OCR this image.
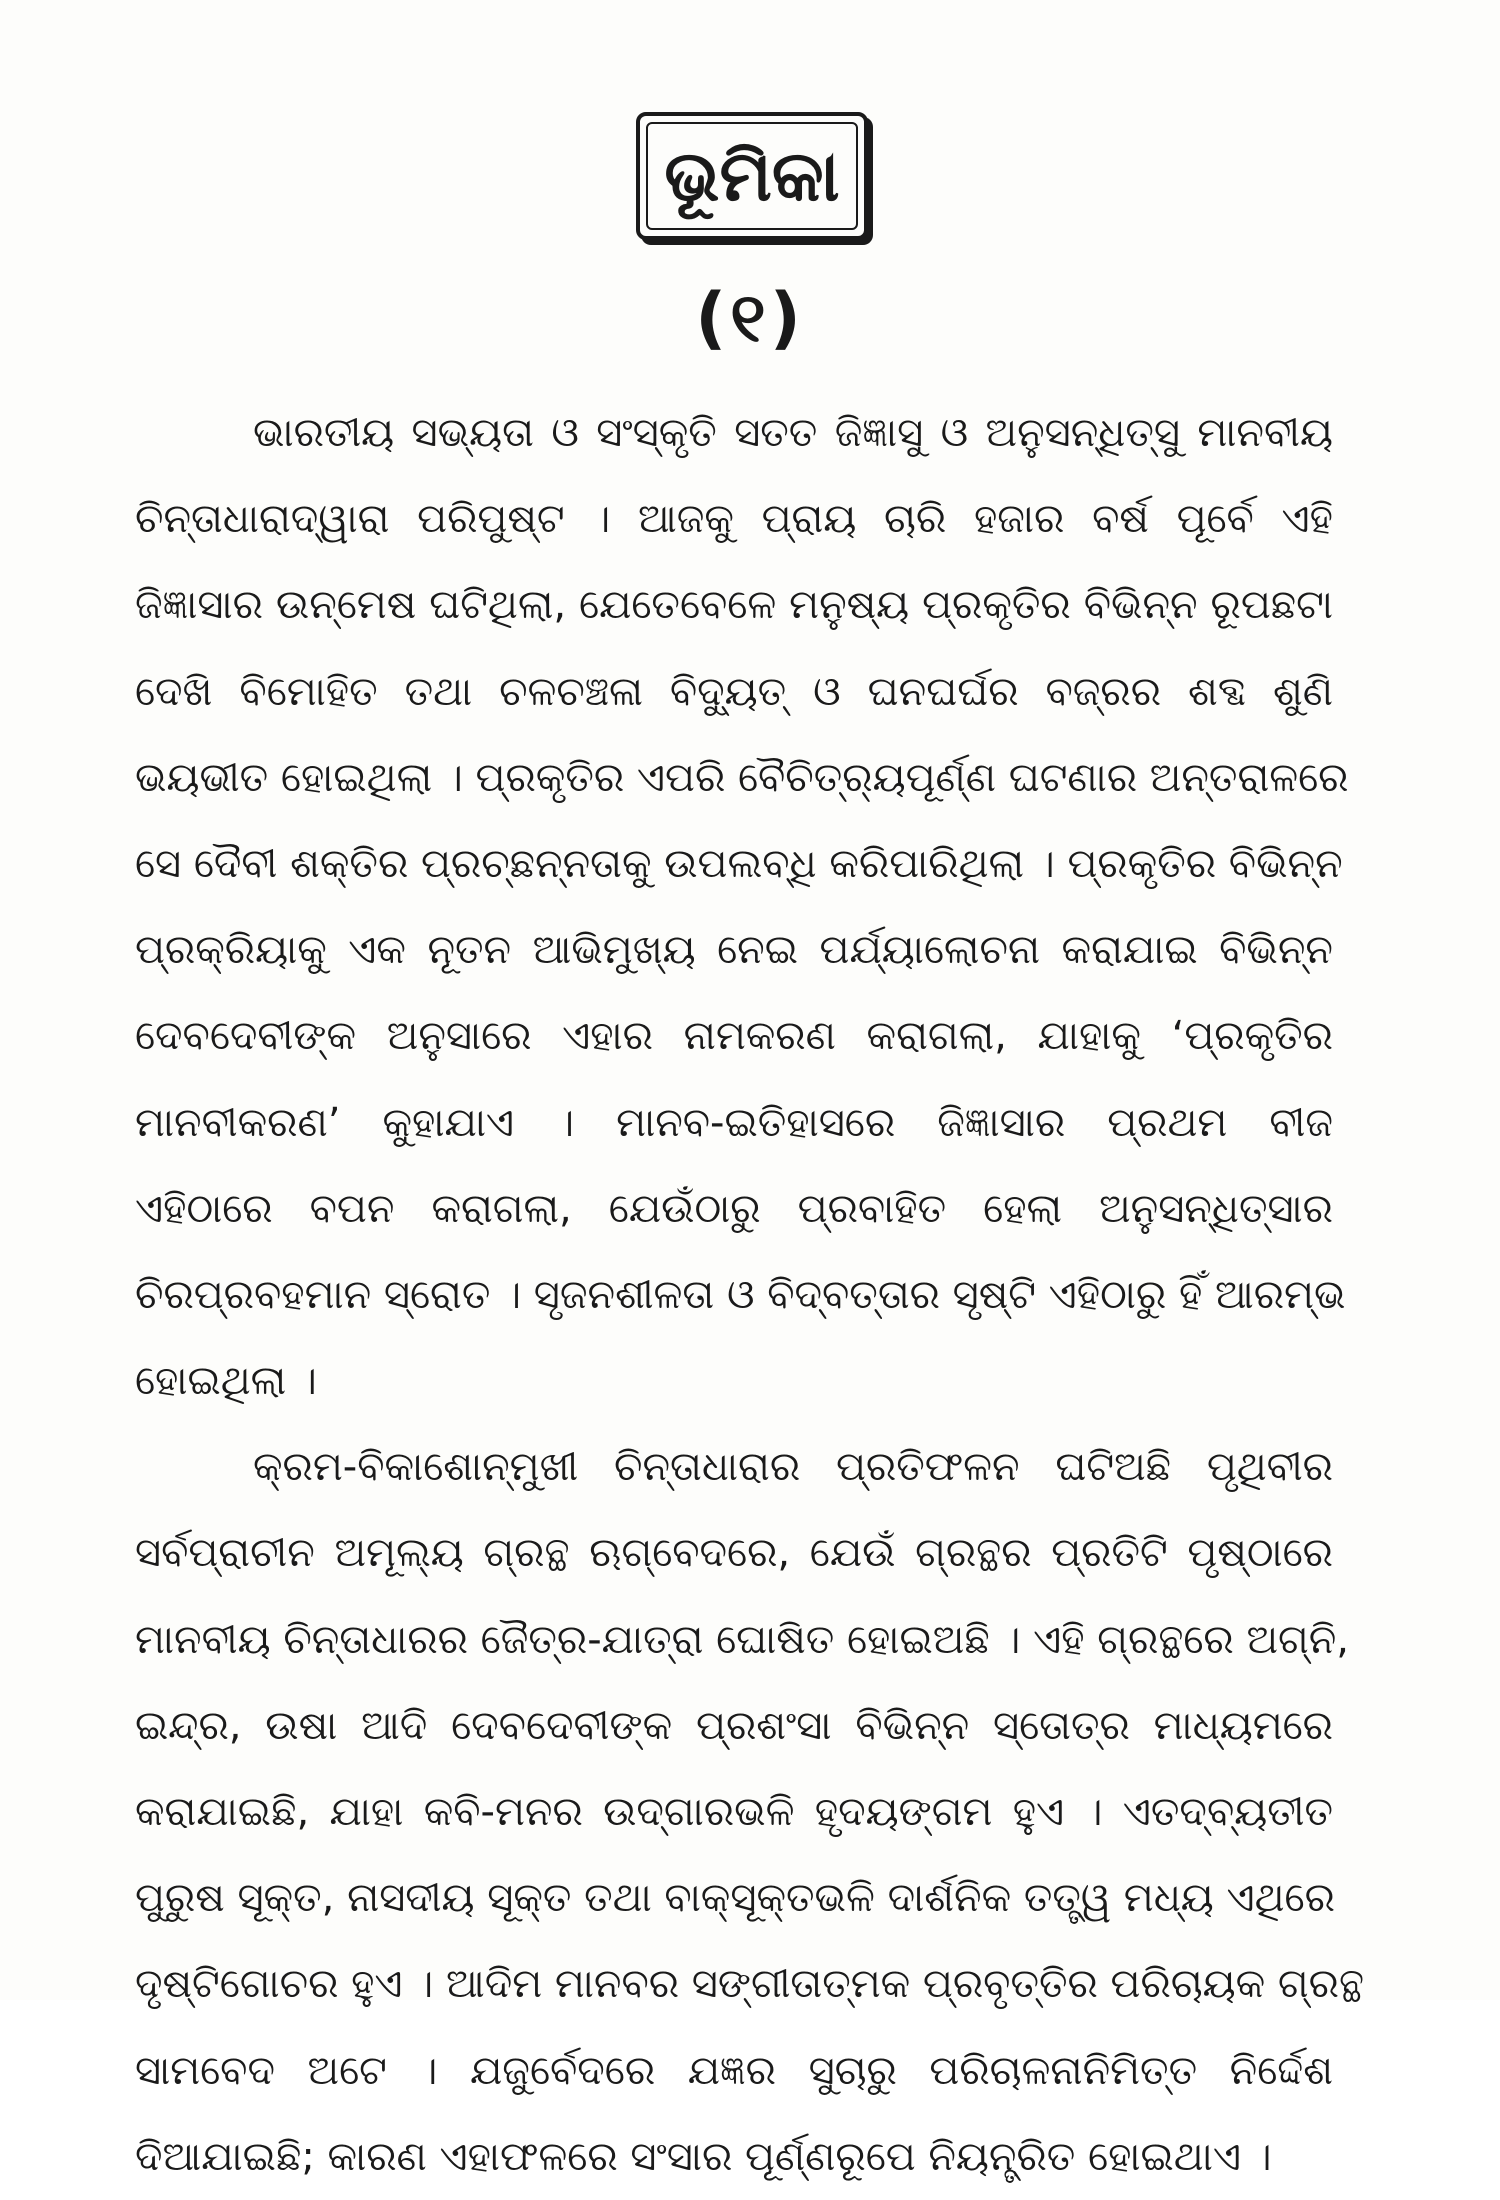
ଭୂମିକା
(୧)
ଭାରତୀୟ ସଭ୍ୟତା ଓ ସଂସ୍କୃତି ସତତ ଜିଜ୍ଞାସୁ ଓ ଅନୁସନ୍ଧିତ୍ସୁ ମାନବୀୟ
ଚିନ୍ତାଧାରାଦ୍ୱାରା ପରିପୁଷ୍ଟ । ଆଜକୁ ପ୍ରାୟ ଚାରି ହଜାର ବର୍ଷ ପୂର୍ବେ ଏହି
ଜିଜ୍ଞାସାର ଉନ୍ମେଷ ଘଟିଥିଲା, ଯେତେବେଳେ ମନୁଷ୍ୟ ପ୍ରକୃତିର ବିଭିନ୍ନ ରୂପଛଟା
ଦେଖି ବିମୋହିତ ତଥା ଚଳଚଞ୍ଚଳା ବିଦ୍ୟୁତ୍ ଓ ଘନଘର୍ଘର ବଜ୍ରର ଶବ୍ଦ ଶୁଣି
ଭୟଭୀତ ହୋଇଥିଲା । ପ୍ରକୃତିର ଏପରି ବୈଚିତ୍ର୍ୟପୂର୍ଣ୍ଣ ଘଟଣାର ଅନ୍ତରାଳରେ
ସେ ଦୈବୀ ଶକ୍ତିର ପ୍ରଚ୍ଛନ୍ନତାକୁ ଉପଲବ୍ଧି କରିପାରିଥିଲା । ପ୍ରକୃତିର ବିଭିନ୍ନ
ପ୍ରକ୍ରିୟାକୁ ଏକ ନୂତନ ଆଭିମୁଖ୍ୟ ନେଇ ପର୍ଯ୍ୟାଲୋଚନା କରାଯାଇ ବିଭିନ୍ନ
ଦେବଦେବୀଙ୍କ ଅନୁସାରେ ଏହାର ନାମକରଣ କରାଗଲା, ଯାହାକୁ ‘ପ୍ରକୃତିର
ମାନବୀକରଣ’ କୁହାଯାଏ । ମାନବ-ଇତିହାସରେ ଜିଜ୍ଞାସାର ପ୍ରଥମ ବୀଜ
ଏହିଠାରେ ବପନ କରାଗଲା, ଯେଉଁଠାରୁ ପ୍ରବାହିତ ହେଲା ଅନୁସନ୍ଧିତ୍ସାର
ଚିରପ୍ରବହମାନ ସ୍ରୋତ । ସୃଜନଶୀଳତା ଓ ବିଦ୍‌ବତ୍ତାର ସୃଷ୍ଟି ଏହିଠାରୁ ହିଁ ଆରମ୍ଭ
ହୋଇଥିଲା ।
କ୍ରମ-ବିକାଶୋନ୍ମୁଖୀ ଚିନ୍ତାଧାରାର ପ୍ରତିଫଳନ ଘଟିଅଛି ପୃଥିବୀର
ସର୍ବପ୍ରାଚୀନ ଅମୂଲ୍ୟ ଗ୍ରନ୍ଥ ଋଗ୍‌ବେଦରେ, ଯେଉଁ ଗ୍ରନ୍ଥର ପ୍ରତିଟି ପୃଷ୍ଠାରେ
ମାନବୀୟ ଚିନ୍ତାଧାରର ଜୈତ୍ର-ଯାତ୍ରା ଘୋଷିତ ହୋଇଅଛି । ଏହି ଗ୍ରନ୍ଥରେ ଅଗ୍ନି,
ଇନ୍ଦ୍ର, ଉଷା ଆଦି ଦେବଦେବୀଙ୍କ ପ୍ରଶଂସା ବିଭିନ୍ନ ସ୍ତୋତ୍ର ମାଧ୍ୟମରେ
କରାଯାଇଛି, ଯାହା କବି-ମନର ଉଦ୍‌ଗାରଭଳି ହୃଦୟଙ୍ଗମ ହୁଏ । ଏତଦ୍‌ବ୍ୟତୀତ
ପୁରୁଷ ସୂକ୍ତ, ନାସଦୀୟ ସୂକ୍ତ ତଥା ବାକ୍‌ସୂକ୍ତଭଳି ଦାର୍ଶନିକ ତତ୍ତ୍ୱ ମଧ୍ୟ ଏଥିରେ
ଦୃଷ୍ଟିଗୋଚର ହୁଏ । ଆଦିମ ମାନବର ସଙ୍ଗୀତାତ୍ମକ ପ୍ରବୃତ୍ତିର ପରିଚାୟକ ଗ୍ରନ୍ଥ
ସାମବେଦ ଅଟେ । ଯଜୁର୍ବେଦରେ ଯଜ୍ଞର ସୁଚାରୁ ପରିଚାଳନାନିମିତ୍ତ ନିର୍ଦ୍ଦେଶ
ଦିଆଯାଇଛି; କାରଣ ଏହାଫଳରେ ସଂସାର ପୂର୍ଣ୍ଣରୂପେ ନିୟନ୍ତ୍ରିତ ହୋଇଥାଏ ।
